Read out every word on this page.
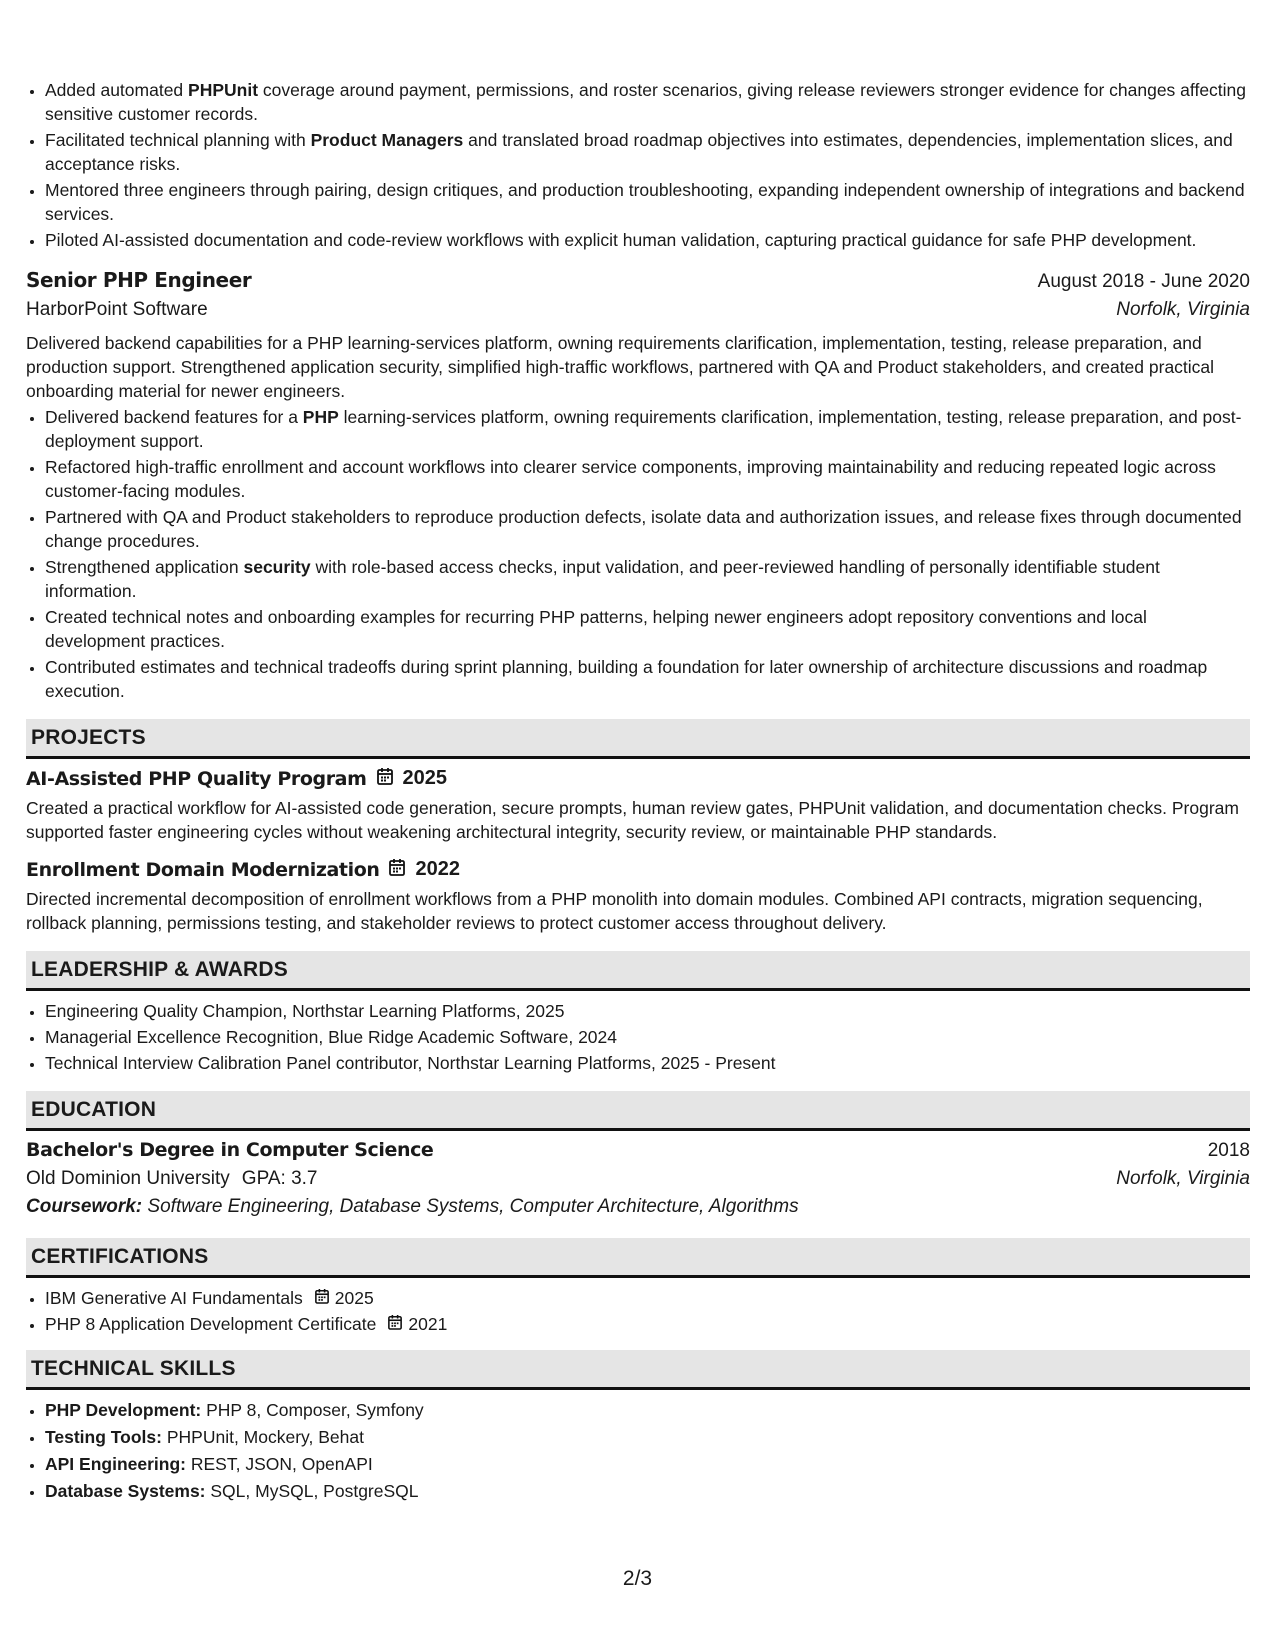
• Added automated PHPUnit coverage around payment, permissions, and roster scenarios, giving release reviewers stronger evidence for changes affecting sensitive customer records.
• Facilitated technical planning with Product Managers and translated broad roadmap objectives into estimates, dependencies, implementation slices, and acceptance risks.
• Mentored three engineers through pairing, design critiques, and production troubleshooting, expanding independent ownership of integrations and backend services.
• Piloted AI-assisted documentation and code-review workflows with explicit human validation, capturing practical guidance for safe PHP development.
Senior PHP Engineer	August 2018 - June 2020
HarborPoint Software	Norfolk, Virginia

Delivered backend capabilities for a PHP learning-services platform, owning requirements clarification, implementation, testing, release preparation, and production support. Strengthened application security, simplified high-traffic workflows, partnered with QA and Product stakeholders, and created practical onboarding material for newer engineers.

• Delivered backend features for a PHP learning-services platform, owning requirements clarification, implementation, testing, release preparation, and post-deployment support.
• Refactored high-traffic enrollment and account workflows into clearer service components, improving maintainability and reducing repeated logic across customer-facing modules.
• Partnered with QA and Product stakeholders to reproduce production defects, isolate data and authorization issues, and release fixes through documented change procedures.
• Strengthened application security with role-based access checks, input validation, and peer-reviewed handling of personally identifiable student information.
• Created technical notes and onboarding examples for recurring PHP patterns, helping newer engineers adopt repository conventions and local development practices.
• Contributed estimates and technical tradeoffs during sprint planning, building a foundation for later ownership of architecture discussions and roadmap execution.
PROJECTS
AI-Assisted PHP Quality Program 2025

Created a practical workflow for AI-assisted code generation, secure prompts, human review gates, PHPUnit validation, and documentation checks. Program supported faster engineering cycles without weakening architectural integrity, security review, or maintainable PHP standards.

Enrollment Domain Modernization 2022

Directed incremental decomposition of enrollment workflows from a PHP monolith into domain modules. Combined API contracts, migration sequencing, rollback planning, permissions testing, and stakeholder reviews to protect customer access throughout delivery.

LEADERSHIP & AWARDS
• Engineering Quality Champion, Northstar Learning Platforms, 2025
• Managerial Excellence Recognition, Blue Ridge Academic Software, 2024
• Technical Interview Calibration Panel contributor, Northstar Learning Platforms, 2025 - Present
EDUCATION
Bachelor's Degree in Computer Science	2018
Old Dominion University GPA: 3.7	Norfolk, Virginia
Coursework: Software Engineering, Database Systems, Computer Architecture, Algorithms
CERTIFICATIONS
• IBM Generative AI Fundamentals 2025
• PHP 8 Application Development Certificate 2021
TECHNICAL SKILLS
• PHP Development: PHP 8, Composer, Symfony
• Testing Tools: PHPUnit, Mockery, Behat
• API Engineering: REST, JSON, OpenAPI
• Database Systems: SQL, MySQL, PostgreSQL
2/3
